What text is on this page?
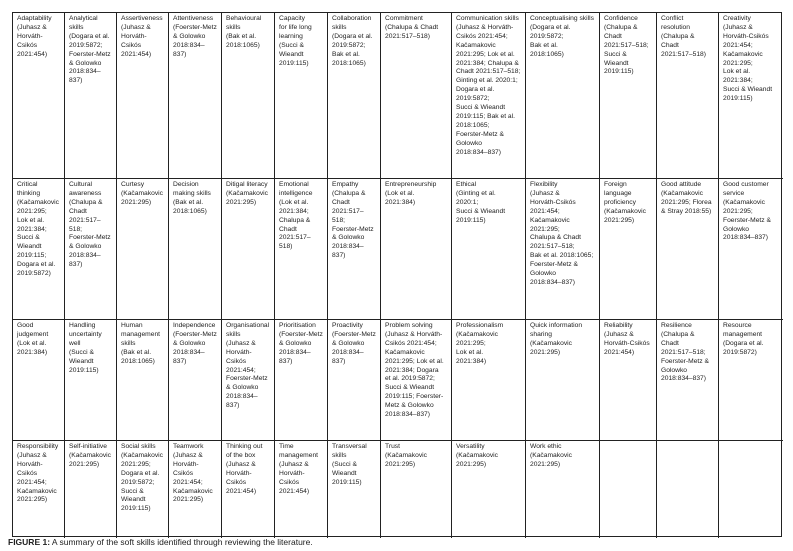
Adaptability
(Juhasz &
Horváth-
Csikós
2021:454)
Analytical
skills
(Dogara et al.
2019:5872;
Foerster-Metz
& Golowko
2018:834–837)
Assertiveness
(Juhasz &
Horváth-
Csikós
2021:454)
Attentiveness
(Foerster-Metz
& Golowko
2018:834–837)
Behavioural
skills
(Bak et al.
2018:1065)
Capacity
for life long
learning
(Succi &
Wieandt
2019:115)
Collaboration
skills
(Dogara et al.
2019:5872;
Bak et al.
2018:1065)
Commitment
(Chalupa & Chadt
2021:517–518)
Communication skills
(Juhasz & Horváth-
Csikós 2021:454;
Kačamakovic
2021:295; Lok et al.
2021:384; Chalupa &
Chadt 2021:517–518;
Ginting et al. 2020:1;
Dogara et al.
2019:5872;
Succi & Wieandt
2019:115; Bak et al.
2018:1065;
Foerster-Metz &
Golowko
2018:834–837)
Conceptualising skills
(Dogara et al.
2019:5872;
Bak et al.
2018:1065)
Confidence
(Chalupa & Chadt
2021:517–518;
Succi & Wieandt
2019:115)
Conflict resolution
(Chalupa & Chadt
2021:517–518)
Creativity
(Juhasz &
Horváth-Csikós
2021:454;
Kačamakovic
2021:295;
Lok et al.
2021:384;
Succi & Wieandt
2019:115)
Critical thinking
(Kačamakovic
2021:295;
Lok et al.
2021:384;
Succi &
Wieandt
2019:115;
Dogara et al.
2019:5872)
Cultural
awareness
(Chalupa &
Chadt
2021:517–518;
Foerster-Metz
& Golowko
2018:834–837)
Curtesy
(Kačamakovic
2021:295)
Decision
making skills
(Bak et al.
2018:1065)
Ditigal literacy
(Kačamakovic
2021:295)
Emotional
intelligence
(Lok et al.
2021:384;
Chalupa &
Chadt
2021:517–518)
Empathy
(Chalupa &
Chadt
2021:517–518;
Foerster-Metz
& Golowko
2018:834–837)
Entrepreneurship
(Lok et al.
2021:384)
Ethical
(Ginting et al.
2020:1;
Succi & Wieandt
2019:115)
Flexibility
(Juhasz &
Horváth-Csikós
2021:454;
Kačamakovic
2021:295;
Chalupa & Chadt
2021:517–518;
Bak et al. 2018:1065;
Foerster-Metz &
Golowko
2018:834–837)
Foreign language
proficiency
(Kačamakovic
2021:295)
Good attitude
(Kačamakovic
2021:295; Florea
& Stray 2018:55)
Good customer
service
(Kačamakovic
2021:295;
Foerster-Metz &
Golowko
2018:834–837)
Good
judgement
(Lok et al.
2021:384)
Handling
uncertainty
well
(Succi &
Wieandt
2019:115)
Human
management
skills
(Bak et al.
2018:1065)
Independence
(Foerster-Metz
& Golowko
2018:834–837)
Organisational
skills
(Juhasz &
Horváth-Csikós
2021:454;
Foerster-Metz
& Golowko
2018:834–837)
Prioritisation
(Foerster-Metz
& Golowko
2018:834–837)
Proactivity
(Foerster-Metz
& Golowko
2018:834–837)
Problem solving
(Juhasz & Horváth-
Csikós 2021:454;
Kačamakovic
2021:295; Lok et al.
2021:384; Dogara
et al. 2019:5872;
Succi & Wieandt
2019:115; Foerster-
Metz & Golowko
2018:834–837)
Professionalism
(Kačamakovic
2021:295;
Lok et al.
2021:384)
Quick information
sharing
(Kačamakovic
2021:295)
Reliability
(Juhasz &
Horváth-Csikós
2021:454)
Resilience
(Chalupa & Chadt
2021:517–518;
Foerster-Metz &
Golowko
2018:834–837)
Resource
management
(Dogara et al.
2019:5872)
Responsibility
(Juhasz &
Horváth-
Csikós
2021:454;
Kačamakovic
2021:295)
Self-initiative
(Kačamakovic
2021:295)
Social skills
(Kačamakovic
2021:295;
Dogara et al.
2019:5872;
Succi & Wieandt
2019:115)
Teamwork
(Juhasz &
Horváth-Csikós
2021:454;
Kačamakovic
2021:295)
Thinking out
of the box
(Juhasz &
Horváth-Csikós
2021:454)
Time
management
(Juhasz &
Horváth-Csikós
2021:454)
Transversal
skills
(Succi &
Wieandt
2019:115)
Trust
(Kačamakovic
2021:295)
Versatility
(Kačamakovic
2021:295)
Work ethic
(Kačamakovic
2021:295)
FIGURE 1: A summary of the soft skills identified through reviewing the literature.
